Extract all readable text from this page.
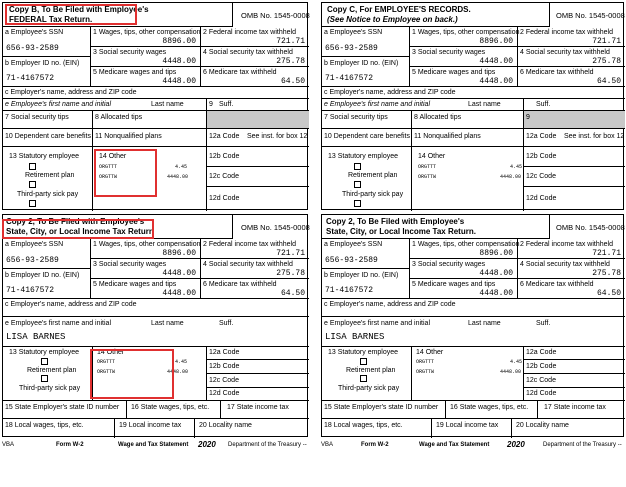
Copy B, To Be Filed with Employee's
FEDERAL Tax Return.	OMB No. 1545-0008
a Employee's SSN
656-93-2589
b Employer ID no. (EIN)
71-4167572
1 Wages, tips, other compensation
8896.00
2 Federal income tax withheld
721.71
3 Social security wages
4448.00
4 Social security tax withheld
275.78
5 Medicare wages and tips
4448.00
6 Medicare tax withheld
64.50
c Employer's name, address and ZIP code
e Employee's first name and initial	Last name	Suff.
9
7 Social security tips	8 Allocated tips
10 Dependent care benefits 11 Nonqualified plans	12a Code See inst. for box 12
13 Statutory employee
Retirement plan
Third-party sick pay
14 Other
ORGTTT	4.45
ORGTTW	4448.00
12b Code
12c Code
12d Code
Copy C, For EMPLOYEE'S RECORDS.
(See Notice to Employee on back.)	OMB No. 1545-0008
a Employee's SSN
656-93-2589
b Employer ID no. (EIN)
71-4167572
1 Wages, tips, other compensation
8896.00
2 Federal income tax withheld
721.71
3 Social security wages
4448.00
4 Social security tax withheld
275.78
5 Medicare wages and tips
4448.00
6 Medicare tax withheld
64.50
c Employer's name, address and ZIP code
e Employee's first name and initial	Last name	Suff.
7 Social security tips	8 Allocated tips	9
10 Dependent care benefits 11 Nonqualified plans	12a Code See inst. for box 12
13 Statutory employee
Retirement plan
Third-party sick pay
14 Other
ORGTTT	4.45
ORGTTW	4448.00
12b Code
12c Code
12d Code
Copy 2, To Be Filed with Employee's
State, City, or Local Income Tax Return	OMB No. 1545-0008
a Employee's SSN
656-93-2589
b Employer ID no. (EIN)
71-4167572
1 Wages, tips, other compensation
8896.00
2 Federal income tax withheld
721.71
3 Social security wages
4448.00
4 Social security tax withheld
275.78
5 Medicare wages and tips
4448.00
6 Medicare tax withheld
64.50
c Employer's name, address and ZIP code
e Employee's first name and initial	Last name	Suff.
LISA BARNES
13 Statutory employee
Retirement plan
Third-party sick pay
14 Other
ORGTTT	4.45
ORGTTW	4448.00
12a Code
12b Code
12c Code
12d Code
15 State Employer's state ID number 16 State wages, tips, etc.	17 State income tax
18 Local wages, tips, etc.	19 Local income tax	20 Locality name
VBA	Form W-2	Wage and Tax Statement 2020 Department of the Treasury --
Copy 2, To Be Filed with Employee's
State, City, or Local Income Tax Return.	OMB No. 1545-0008
a Employee's SSN
656-93-2589
b Employer ID no. (EIN)
71-4167572
1 Wages, tips, other compensation
8896.00
2 Federal income tax withheld
721.71
3 Social security wages
4448.00
4 Social security tax withheld
275.78
5 Medicare wages and tips
4448.00
6 Medicare tax withheld
64.50
c Employer's name, address and ZIP code
e Employee's first name and initial	Last name	Suff.
LISA BARNES
13 Statutory employee
Retirement plan
Third-party sick pay
14 Other
ORGTTT	4.45
ORGTTW	4448.00
12a Code
12b Code
12c Code
12d Code
15 State Employer's state ID number 16 State wages, tips, etc. 17 State income tax
18 Local wages, tips, etc.	19 Local income tax	20 Locality name
VBA	Form W-2	Wage and Tax Statement 2020	Department of the Treasury --
